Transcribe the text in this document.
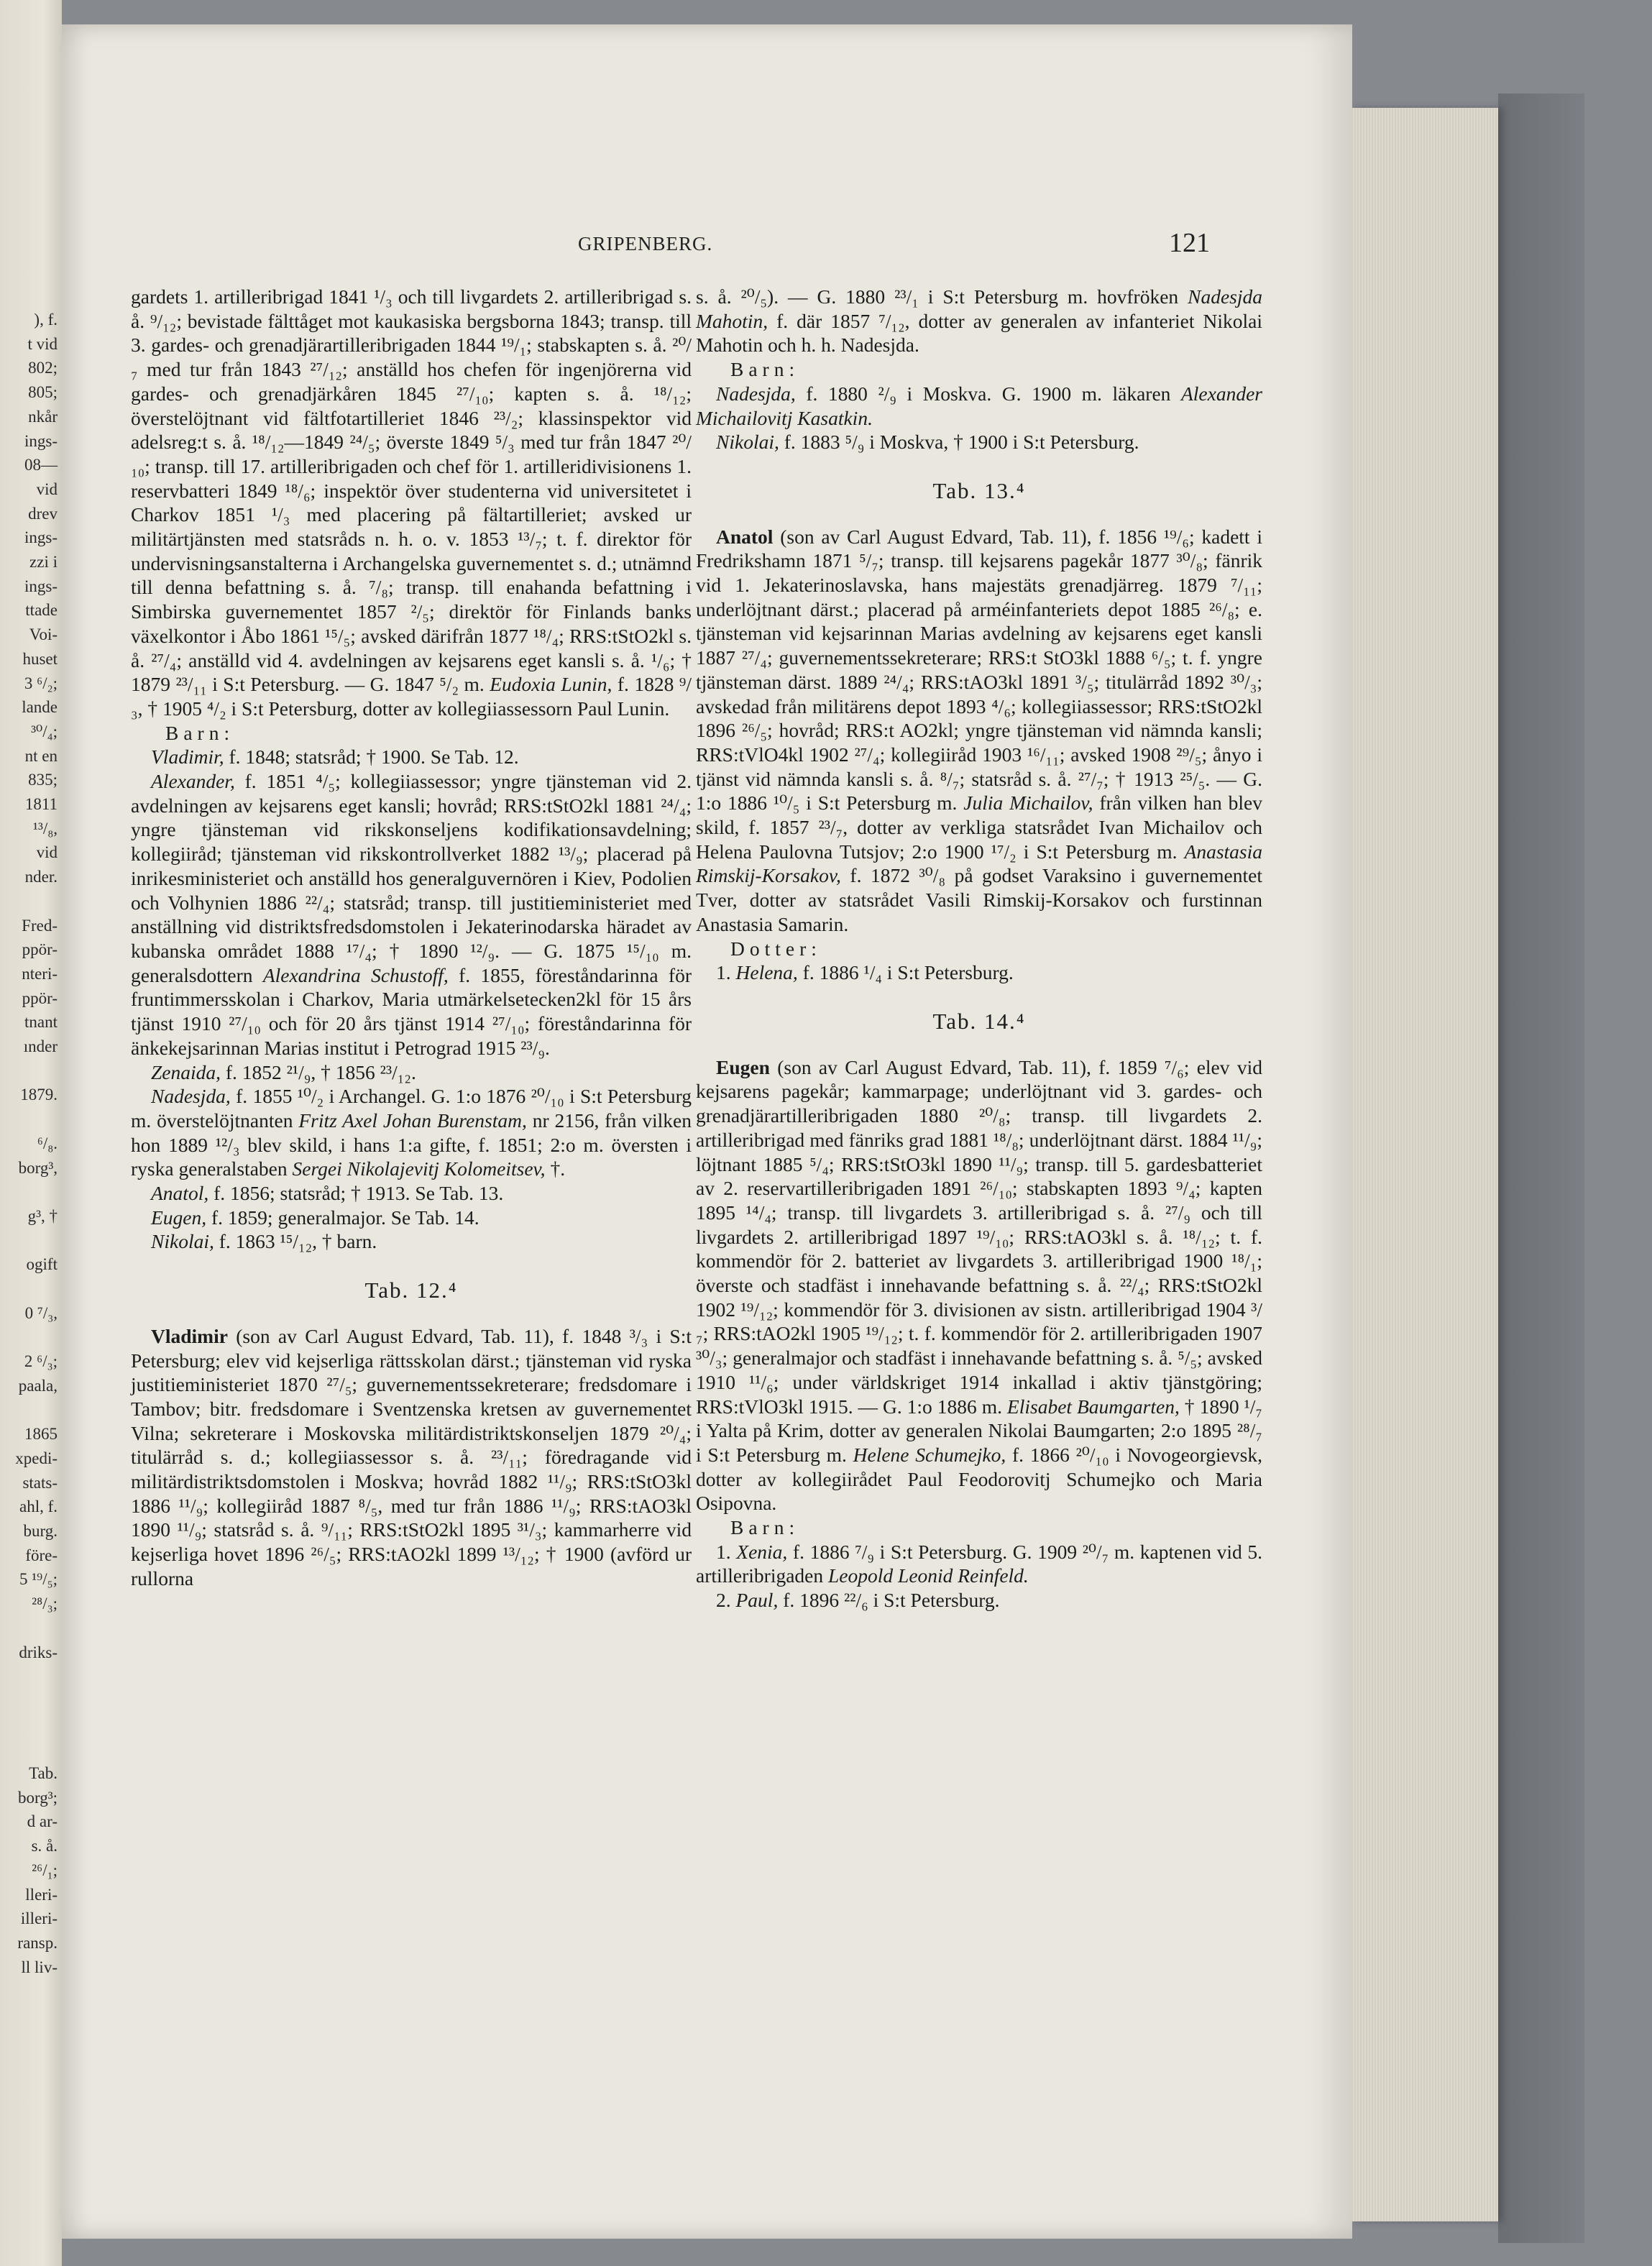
), f.
t vid
802;
805;
nkår
ings-
08—
vid
drev
ings-
zzi i
ings-
ttade
Voi-
huset
3 ⁶/₂;
lande
³⁰/₄;
nt en
835;
1811
¹³/₈,
vid
nder.
Fred-
ppör-
nteri-
ppör-
tnant
ınder
1879.
⁶/₈.
borg³,
g³, †
ogift
0 ⁷/₃,
2 ⁶/₃;
paala,
1865
xpedi-
stats-
ahl, f.
burg.
före-
5 ¹⁹/₅;
²⁸/₃;
driks-
Tab.
borg³;
d ar-
s. å.
²⁶/₁;
lleri-
illeri-
ransp.
ll liv-
GRIPENBERG.	121

gardets 1. artilleribrigad 1841 ¹/₃ och till livgardets 2. artilleribrigad s. å. ⁹/₁₂; bevistade fälttåget mot kaukasiska bergsborna 1843; transp. till 3. gardes- och grenadjärartilleribrigaden 1844 ¹⁹/₁; stabskapten s. å. ²⁰/₇ med tur från 1843 ²⁷/₁₂; anställd hos chefen för ingenjörerna vid gardes- och grenadjärkåren 1845 ²⁷/₁₀; kapten s. å. ¹⁸/₁₂; överstelöjtnant vid fältfotartilleriet 1846 ²³/₂; klassinspektor vid adelsreg:t s. å. ¹⁸/₁₂—1849 ²⁴/₅; överste 1849 ⁵/₃ med tur från 1847 ²⁰/₁₀; transp. till 17. artilleribrigaden och chef för 1. artilleridivisionens 1. reservbatteri 1849 ¹⁸/₆; inspektör över studenterna vid universitetet i Charkov 1851 ¹/₃ med placering på fältartilleriet; avsked ur militärtjänsten med statsråds n. h. o. v. 1853 ¹³/₇; t. f. direktor för undervisningsanstalterna i Archangelska guvernementet s. d.; utnämnd till denna befattning s. å. ⁷/₈; transp. till enahanda befattning i Simbirska guvernementet 1857 ²/₅; direktör för Finlands banks växelkontor i Åbo 1861 ¹⁵/₅; avsked därifrån 1877 ¹⁸/₄; RRS:tStO2kl s. å. ²⁷/₄; anställd vid 4. avdelningen av kejsarens eget kansli s. å. ¹/₆; † 1879 ²³/₁₁ i S:t Petersburg. — G. 1847 ⁵/₂ m. Eudoxia Lunin, f. 1828 ⁹/₃, † 1905 ⁴/₂ i S:t Petersburg, dotter av kollegiiassessorn Paul Lunin.

Barn:

Vladimir, f. 1848; statsråd; † 1900. Se Tab. 12.

Alexander, f. 1851 ⁴/₅; kollegiiassessor; yngre tjänsteman vid 2. avdelningen av kejsarens eget kansli; hovråd; RRS:tStO2kl 1881 ²⁴/₄; yngre tjänsteman vid rikskonseljens kodifikationsavdelning; kollegiiråd; tjänsteman vid rikskontrollverket 1882 ¹³/₉; placerad på inrikesministeriet och anställd hos generalguvernören i Kiev, Podolien och Volhynien 1886 ²²/₄; statsråd; transp. till justitieministeriet med anställning vid distriktsfredsdomstolen i Jekaterinodarska häradet av kubanska området 1888 ¹⁷/₄; † 1890 ¹²/₉. — G. 1875 ¹⁵/₁₀ m. generalsdottern Alexandrina Schustoff, f. 1855, föreståndarinna för fruntimmersskolan i Charkov, Maria utmärkelsetecken2kl för 15 års tjänst 1910 ²⁷/₁₀ och för 20 års tjänst 1914 ²⁷/₁₀; föreståndarinna för änkekejsarinnan Marias institut i Petrograd 1915 ²³/₉.

Zenaida, f. 1852 ²¹/₉, † 1856 ²³/₁₂.

Nadesjda, f. 1855 ¹⁰/₂ i Archangel. G. 1:o 1876 ²⁰/₁₀ i S:t Petersburg m. överstelöjtnanten Fritz Axel Johan Burenstam, nr 2156, från vilken hon 1889 ¹²/₃ blev skild, i hans 1:a gifte, f. 1851; 2:o m. översten i ryska generalstaben Sergei Nikolajevitj Kolomeitsev, †.

Anatol, f. 1856; statsråd; † 1913. Se Tab. 13.

Eugen, f. 1859; generalmajor. Se Tab. 14.

Nikolai, f. 1863 ¹⁵/₁₂, † barn.

Tab. 12.⁴

Vladimir (son av Carl August Edvard, Tab. 11), f. 1848 ³/₃ i S:t Petersburg; elev vid kejserliga rättsskolan därst.; tjänsteman vid ryska justitieministeriet 1870 ²⁷/₅; guvernementssekreterare; fredsdomare i Tambov; bitr. fredsdomare i Sventzenska kretsen av guvernementet Vilna; sekreterare i Moskovska militärdistriktskonseljen 1879 ²⁰/₄; titulärråd s. d.; kollegiiassessor s. å. ²³/₁₁; föredragande vid militärdistriktsdomstolen i Moskva; hovråd 1882 ¹¹/₉; RRS:tStO3kl 1886 ¹¹/₉; kollegiiråd 1887 ⁸/₅, med tur från 1886 ¹¹/₉; RRS:tAO3kl 1890 ¹¹/₉; statsråd s. å. ⁹/₁₁; RRS:tStO2kl 1895 ³¹/₃; kammarherre vid kejserliga hovet 1896 ²⁶/₅; RRS:tAO2kl 1899 ¹³/₁₂; † 1900 (avförd ur rullorna

s. å. ²⁰/₅). — G. 1880 ²³/₁ i S:t Petersburg m. hovfröken Nadesjda Mahotin, f. där 1857 ⁷/₁₂, dotter av generalen av infanteriet Nikolai Mahotin och h. h. Nadesjda.

Barn:

Nadesjda, f. 1880 ²/₉ i Moskva. G. 1900 m. läkaren Alexander Michailovitj Kasatkin.

Nikolai, f. 1883 ⁵/₉ i Moskva, † 1900 i S:t Petersburg.

Tab. 13.⁴

Anatol (son av Carl August Edvard, Tab. 11), f. 1856 ¹⁹/₆; kadett i Fredrikshamn 1871 ⁵/₇; transp. till kejsarens pagekår 1877 ³⁰/₈; fänrik vid 1. Jekaterinoslavska, hans majestäts grenadjärreg. 1879 ⁷/₁₁; underlöjtnant därst.; placerad på arméinfanteriets depot 1885 ²⁶/₈; e. tjänsteman vid kejsarinnan Marias avdelning av kejsarens eget kansli 1887 ²⁷/₄; guvernementssekreterare; RRS:t StO3kl 1888 ⁶/₅; t. f. yngre tjänsteman därst. 1889 ²⁴/₄; RRS:tAO3kl 1891 ³/₅; titulärråd 1892 ³⁰/₃; avskedad från militärens depot 1893 ⁴/₆; kollegiiassessor; RRS:tStO2kl 1896 ²⁶/₅; hovråd; RRS:t AO2kl; yngre tjänsteman vid nämnda kansli; RRS:tVlO4kl 1902 ²⁷/₄; kollegiiråd 1903 ¹⁶/₁₁; avsked 1908 ²⁹/₅; ånyo i tjänst vid nämnda kansli s. å. ⁸/₇; statsråd s. å. ²⁷/₇; † 1913 ²⁵/₅. — G. 1:o 1886 ¹⁰/₅ i S:t Petersburg m. Julia Michailov, från vilken han blev skild, f. 1857 ²³/₇, dotter av verkliga statsrådet Ivan Michailov och Helena Paulovna Tutsjov; 2:o 1900 ¹⁷/₂ i S:t Petersburg m. Anastasia Rimskij-Korsakov, f. 1872 ³⁰/₈ på godset Varaksino i guvernementet Tver, dotter av statsrådet Vasili Rimskij-Korsakov och furstinnan Anastasia Samarin.

Dotter:

1. Helena, f. 1886 ¹/₄ i S:t Petersburg.

Tab. 14.⁴

Eugen (son av Carl August Edvard, Tab. 11), f. 1859 ⁷/₆; elev vid kejsarens pagekår; kammarpage; underlöjtnant vid 3. gardes- och grenadjärartilleribrigaden 1880 ²⁰/₈; transp. till livgardets 2. artilleribrigad med fänriks grad 1881 ¹⁸/₈; underlöjtnant därst. 1884 ¹¹/₉; löjtnant 1885 ⁵/₄; RRS:tStO3kl 1890 ¹¹/₉; transp. till 5. gardesbatteriet av 2. reservartilleribrigaden 1891 ²⁶/₁₀; stabskapten 1893 ⁹/₄; kapten 1895 ¹⁴/₄; transp. till livgardets 3. artilleribrigad s. å. ²⁷/₉ och till livgardets 2. artilleribrigad 1897 ¹⁹/₁₀; RRS:tAO3kl s. å. ¹⁸/₁₂; t. f. kommendör för 2. batteriet av livgardets 3. artilleribrigad 1900 ¹⁸/₁; överste och stadfäst i innehavande befattning s. å. ²²/₄; RRS:tStO2kl 1902 ¹⁹/₁₂; kommendör för 3. divisionen av sistn. artilleribrigad 1904 ³/₇; RRS:tAO2kl 1905 ¹⁹/₁₂; t. f. kommendör för 2. artilleribrigaden 1907 ³⁰/₃; generalmajor och stadfäst i innehavande befattning s. å. ⁵/₅; avsked 1910 ¹¹/₆; under världskriget 1914 inkallad i aktiv tjänstgöring; RRS:tVlO3kl 1915. — G. 1:o 1886 m. Elisabet Baumgarten, † 1890 ¹/₇ i Yalta på Krim, dotter av generalen Nikolai Baumgarten; 2:o 1895 ²⁸/₇ i S:t Petersburg m. Helene Schumejko, f. 1866 ²⁰/₁₀ i Novogeorgievsk, dotter av kollegiirådet Paul Feodorovitj Schumejko och Maria Osipovna.

Barn:

1. Xenia, f. 1886 ⁷/₉ i S:t Petersburg. G. 1909 ²⁰/₇ m. kaptenen vid 5. artilleribrigaden Leopold Leonid Reinfeld.

2. Paul, f. 1896 ²²/₆ i S:t Petersburg.
